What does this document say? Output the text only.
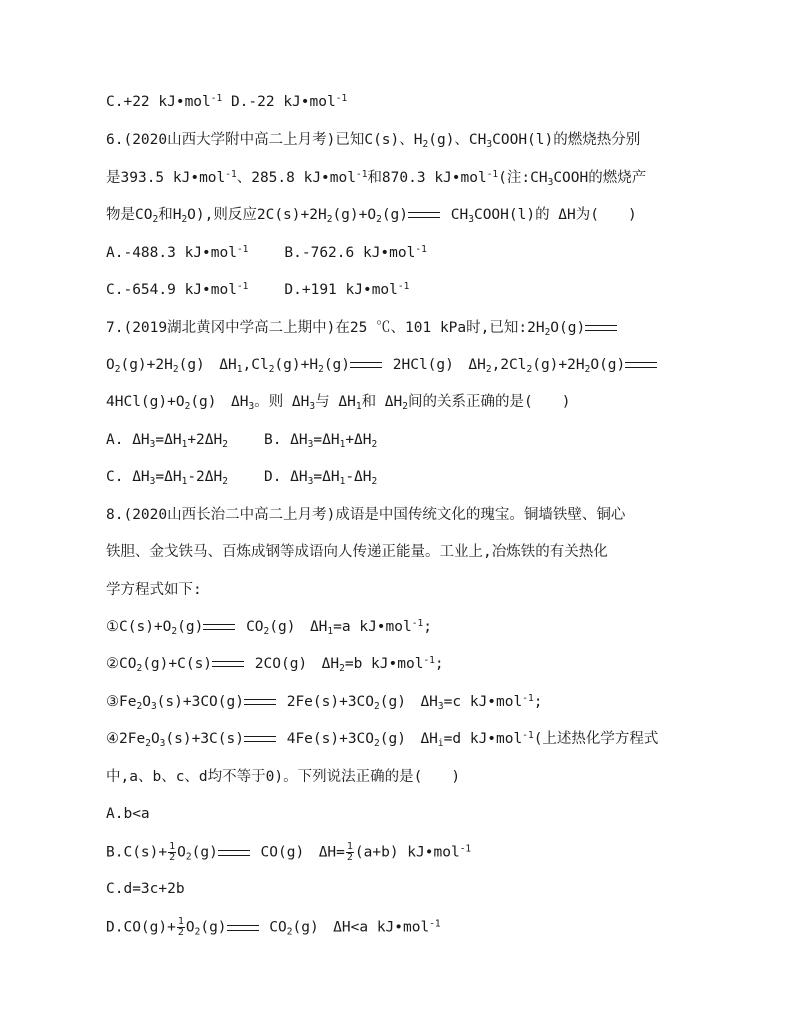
C.+22 kJ•mol$^{-1}$ D.-22 kJ•mol$^{-1}$
6.(2020山西大学附中高二上月考)已知C(s)、$H_2(g)$、$CH_3COOH(l)$的燃烧热分别
是393.5 kJ•mol$^{-1}$、285.8 kJ•mol$^{-1}$和870.3 kJ•mol$^{-1}$(注$:CH_3COOH$的燃烧产
物是$CO_2$和$H_2O$),则反应$2C(s)+2H_2(g)+O_2(g)$	$CH_3COOH(l)$的 ΔH为(　　)
A.-488.3 kJ•mol$^{-1}$ B.-762.6 kJ•mol$^{-1}$
C.-654.9 kJ•mol$^{-1}$ D.+191 kJ•mol$^{-1}$
7.(2019湖北黄冈中学高二上期中)在25 ℃、101 kPa时,已知$:2H_2O(g)$
$O_2(g)+2H_2(g)$　$\Delta H_1,Cl_2(g)+H_2(g)$	2HCl(g)　$\Delta H_2,2Cl_2(g)+2H_2O(g)$
$4HCl(g)+O_2(g)$　$\Delta H_3$。则 $\Delta H_3$与 $\Delta H_1$和 $\Delta H_2$间的关系正确的是(　　)
A. $\Delta H_3=\Delta H_1+2\Delta H_2$ B. $\Delta H_3=\Delta H_1+\Delta H_2$
C. $\Delta H_3=\Delta H_1-2\Delta H_2$ D. $\Delta H_3=\Delta H_1-\Delta H_2$
8.(2020山西长治二中高二上月考)成语是中国传统文化的瑰宝。铜墙铁壁、铜心
铁胆、金戈铁马、百炼成钢等成语向人传递正能量。工业上,冶炼铁的有关热化
学方程式如下:
$①C(s)+O_2(g)$	$CO_2(g)$　$\Delta H_1=a$ kJ•mol$^{-1}$;
$②CO_2(g)+C(s)$	2CO(g)　$\Delta H_2=b$ kJ•mol$^{-1}$;
$③Fe_2O_3(s)+3CO(g)$	$2Fe(s)+3CO_2(g)$　$\Delta H_3=c$ kJ•mol$^{-1}$;
$④2Fe_2O_3(s)+3C(s)$	$4Fe(s)+3CO_2(g)$　$\Delta H_i=d$ kJ•mol$^{-1}$(上述热化学方程式
中,a、b、c、d均不等于0)。下列说法正确的是(　　)
A.b<a
$B.C(s)+ \frac{1}{2} O_2(g)$	CO(g)　$\Delta H= \frac{1}{2} (a+b)$ kJ•mol$^{-1}$
C.d=3c+2b
$D.CO(g)+ \frac{1}{2} O_2(g)$	$CO_2(g)$　ΔH<a kJ•mol$^{-1}$
